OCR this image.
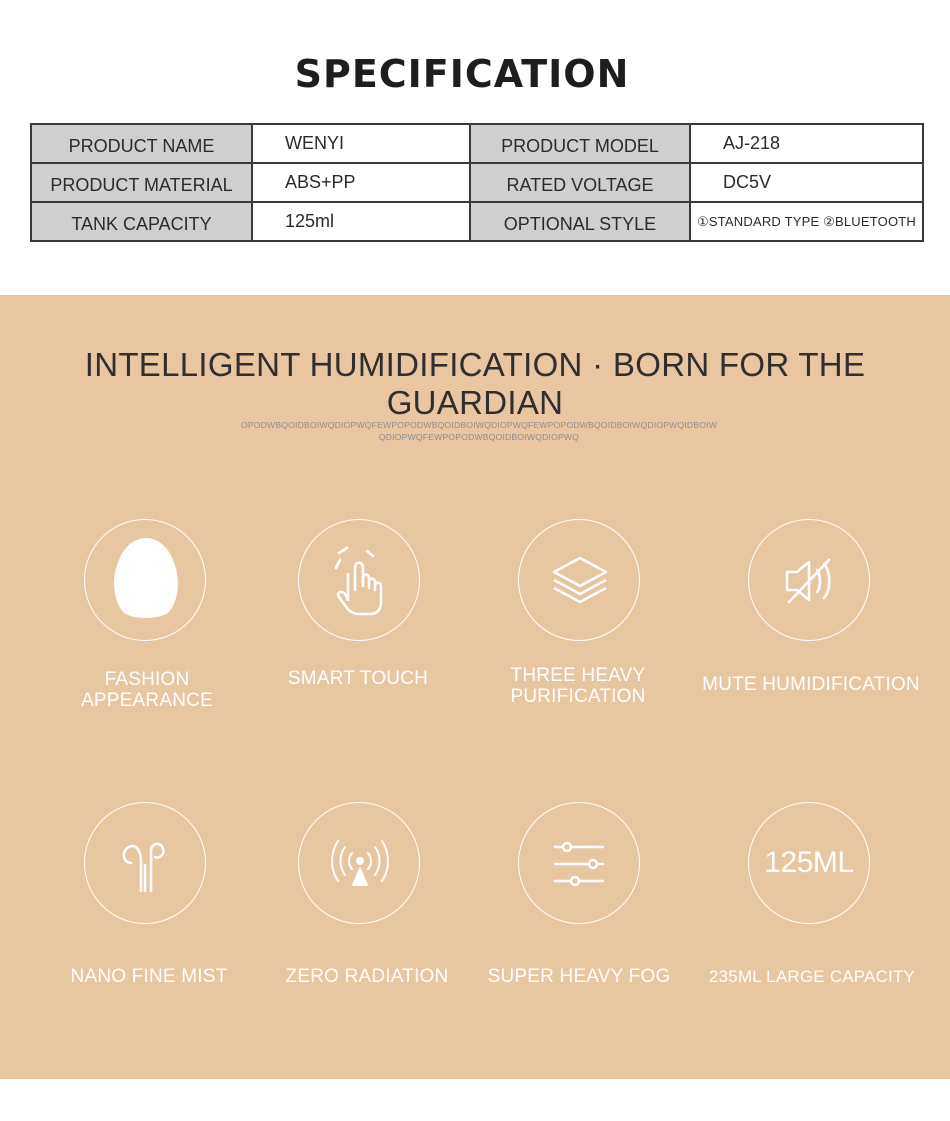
SPECIFICATION
PRODUCT NAME	WENYI	PRODUCT MODEL	AJ-218
PRODUCT MATERIAL	ABS+PP	RATED VOLTAGE	DC5V
TANK CAPACITY	125ml	OPTIONAL STYLE	①STANDARD TYPE ②BLUETOOTH
INTELLIGENT HUMIDIFICATION · BORN FOR THE GUARDIAN
OPODWBQOIDBOIWQDIOPWQFEWPOPODWBQOIDBOIWQDIOPWQFEWPOPODWBQOIDBOIWQDIOPWQIDBOIWQDIOPWQFEWPOPODWBQOIDBOIWQDIOPWQ
FASHION
APPEARANCE
SMART TOUCH	THREE HEAVY
PURIFICATION
MUTE HUMIDIFICATION
125ML
NANO FINE MIST	ZERO RADIATION	SUPER HEAVY FOG	235ML LARGE CAPACITY
